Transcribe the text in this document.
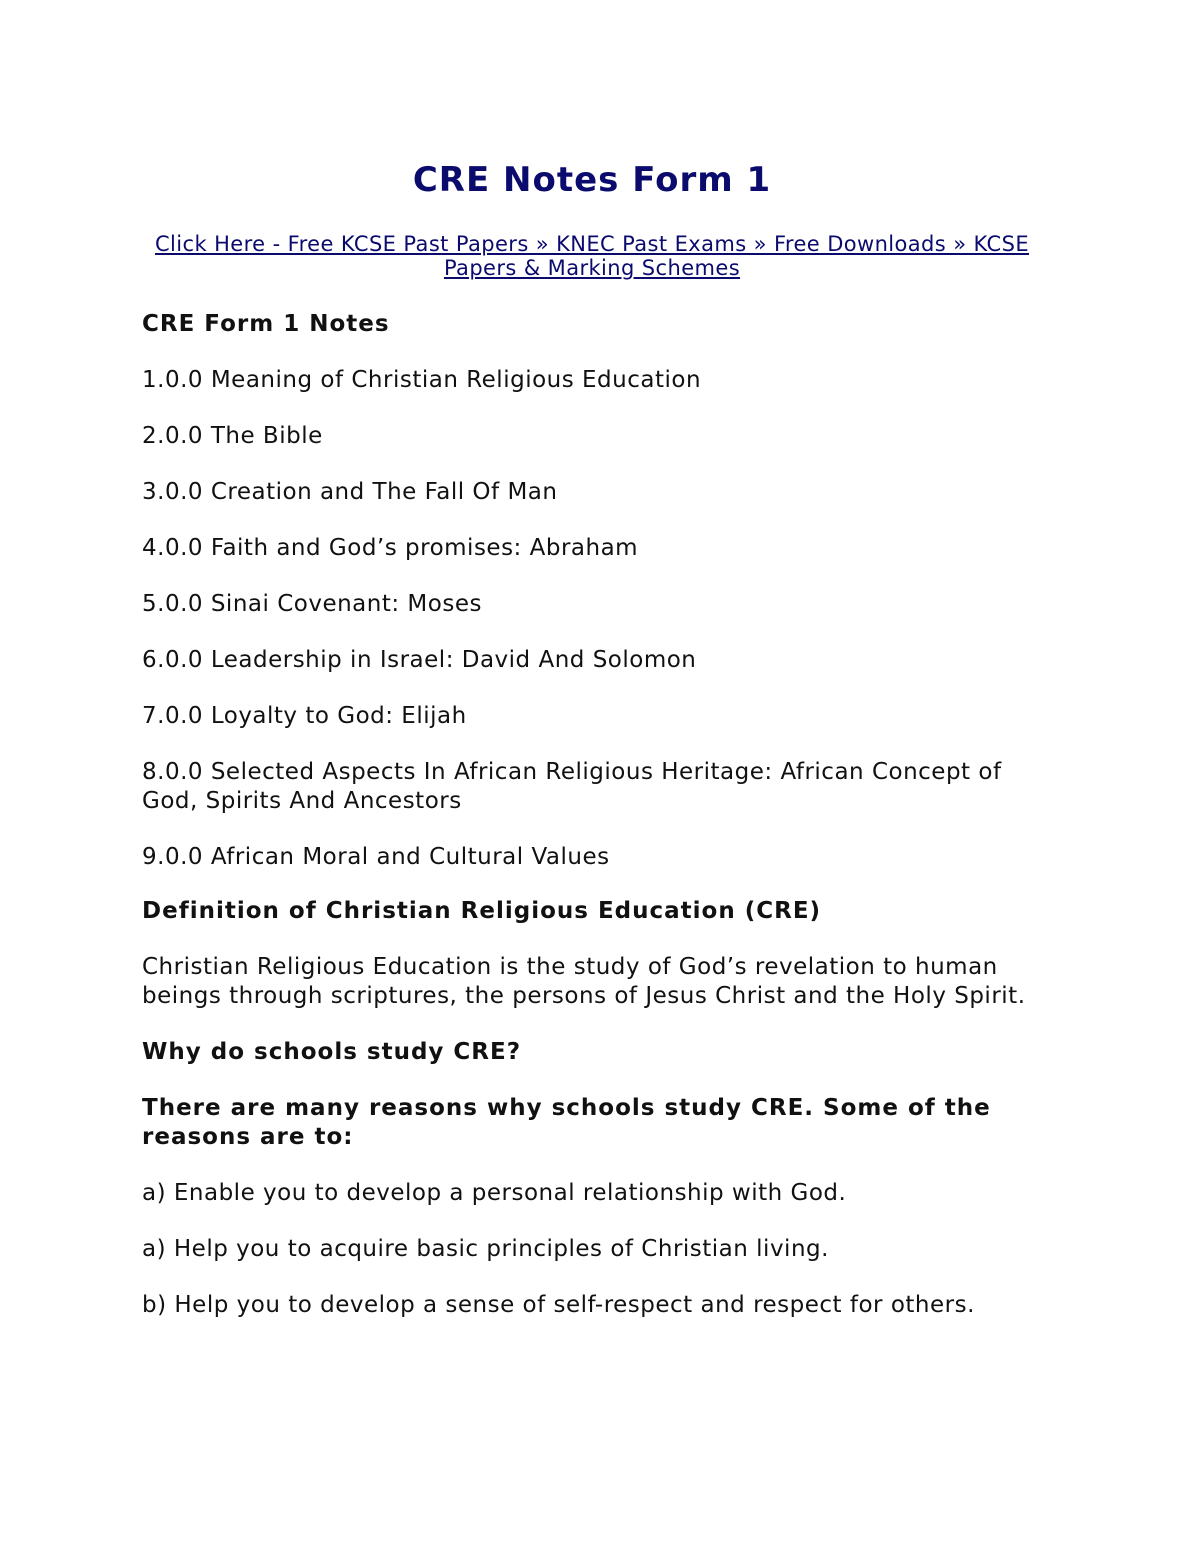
CRE Notes Form 1

Click Here - Free KCSE Past Papers » KNEC Past Exams » Free Downloads » KCSE Papers & Marking Schemes

CRE Form 1 Notes

1.0.0 Meaning of Christian Religious Education

2.0.0 The Bible

3.0.0 Creation and The Fall Of Man

4.0.0 Faith and God’s promises: Abraham

5.0.0 Sinai Covenant: Moses

6.0.0 Leadership in Israel: David And Solomon

7.0.0 Loyalty to God: Elijah

8.0.0 Selected Aspects In African Religious Heritage: African Concept of God, Spirits And Ancestors

9.0.0 African Moral and Cultural Values

Definition of Christian Religious Education (CRE)

Christian Religious Education is the study of God’s revelation to human beings through scriptures, the persons of Jesus Christ and the Holy Spirit.

Why do schools study CRE?

There are many reasons why schools study CRE. Some of the reasons are to:

a) Enable you to develop a personal relationship with God.

a) Help you to acquire basic principles of Christian living.

b) Help you to develop a sense of self-respect and respect for others.
